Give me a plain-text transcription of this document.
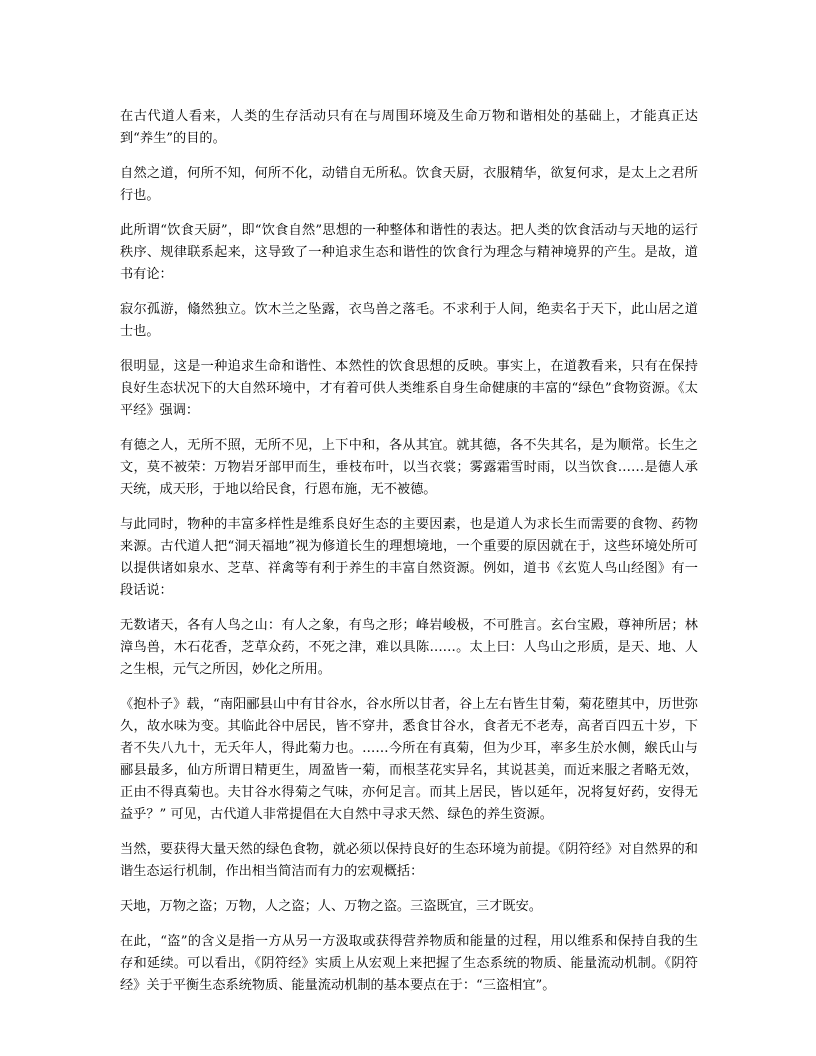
在古代道人看来，人类的生存活动只有在与周围环境及生命万物和谐相处的基础上，才能真正达到“养生”的目的。

自然之道，何所不知，何所不化，动错自无所私。饮食天厨，衣服精华，欲复何求，是太上之君所行也。

此所谓“饮食天厨”，即“饮食自然”思想的一种整体和谐性的表达。把人类的饮食活动与天地的运行秩序、规律联系起来，这导致了一种追求生态和谐性的饮食行为理念与精神境界的产生。是故，道书有论：

寂尔孤游，翛然独立。饮木兰之坠露，衣鸟兽之落毛。不求利于人间，绝卖名于天下，此山居之道士也。

很明显，这是一种追求生命和谐性、本然性的饮食思想的反映。事实上，在道教看来，只有在保持良好生态状况下的大自然环境中，才有着可供人类维系自身生命健康的丰富的“绿色”食物资源。《太平经》强调：

有德之人，无所不照，无所不见，上下中和，各从其宜。就其德，各不失其名，是为顺常。长生之文，莫不被荣：万物岩牙部甲而生，垂枝布叶，以当衣裳；雾露霜雪时雨，以当饮食……是德人承天统，成天形，于地以给民食，行恩布施，无不被德。

与此同时，物种的丰富多样性是维系良好生态的主要因素，也是道人为求长生而需要的食物、药物来源。古代道人把“洞天福地”视为修道长生的理想境地，一个重要的原因就在于，这些环境处所可以提供诸如泉水、芝草、祥禽等有利于养生的丰富自然资源。例如，道书《玄览人鸟山经图》有一段话说：

无数诸天，各有人鸟之山：有人之象，有鸟之形；峰岩峻极，不可胜言。玄台宝殿，尊神所居；林漳鸟兽，木石花香，芝草众药，不死之津，难以具陈……。太上曰：人鸟山之形质，是天、地、人之生根，元气之所因，妙化之所用。

《抱朴子》载，“南阳郦县山中有甘谷水，谷水所以甘者，谷上左右皆生甘菊，菊花堕其中，历世弥久，故水味为变。其临此谷中居民，皆不穿井，悉食甘谷水，食者无不老寿，高者百四五十岁，下者不失八九十，无夭年人，得此菊力也。……今所在有真菊，但为少耳，率多生於水侧，緱氏山与郦县最多，仙方所谓日精更生，周盈皆一菊，而根茎花实异名，其说甚美，而近来服之者略无效，正由不得真菊也。夫甘谷水得菊之气味，亦何足言。而其上居民，皆以延年，况将复好药，安得无益乎？” 可见，古代道人非常提倡在大自然中寻求天然、绿色的养生资源。

当然，要获得大量天然的绿色食物，就必须以保持良好的生态环境为前提。《阴符经》对自然界的和谐生态运行机制，作出相当简洁而有力的宏观概括：

天地，万物之盗；万物，人之盗；人、万物之盗。三盗既宜，三才既安。

在此，“盗”的含义是指一方从另一方汲取或获得营养物质和能量的过程，用以维系和保持自我的生存和延续。可以看出，《阴符经》实质上从宏观上来把握了生态系统的物质、能量流动机制。《阴符经》关于平衡生态系统物质、能量流动机制的基本要点在于：“三盗相宜”。
